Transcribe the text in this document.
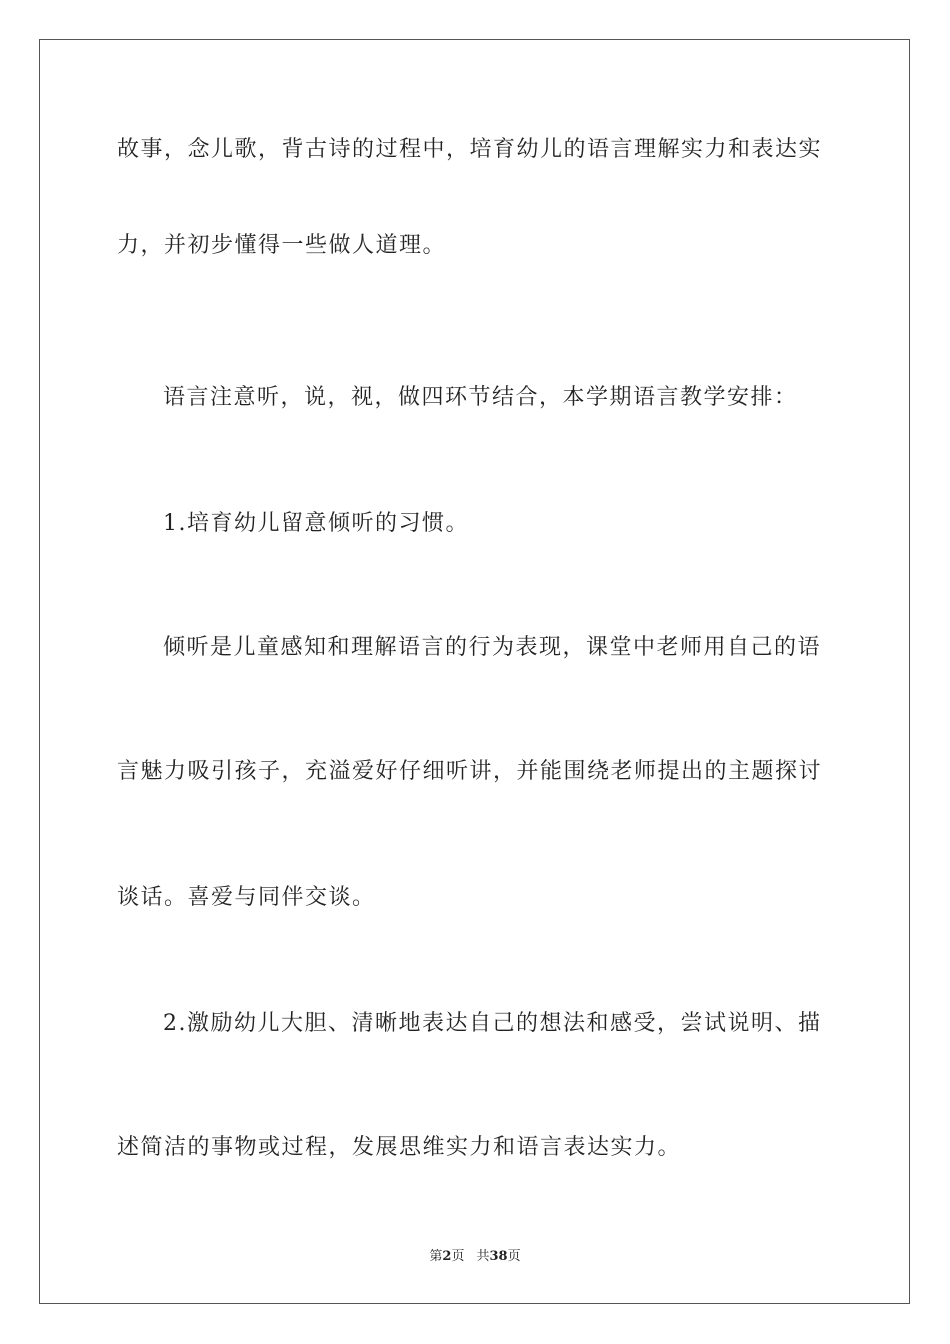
故事，念儿歌，背古诗的过程中，培育幼儿的语言理解实力和表达实
力，并初步懂得一些做人道理。
语言注意听，说，视，做四环节结合，本学期语言教学安排：
1.培育幼儿留意倾听的习惯。
倾听是儿童感知和理解语言的行为表现，课堂中老师用自己的语
言魅力吸引孩子，充溢爱好仔细听讲，并能围绕老师提出的主题探讨
谈话。喜爱与同伴交谈。
2.激励幼儿大胆、清晰地表达自己的想法和感受，尝试说明、描
述简洁的事物或过程，发展思维实力和语言表达实力。
第2页 共38页
